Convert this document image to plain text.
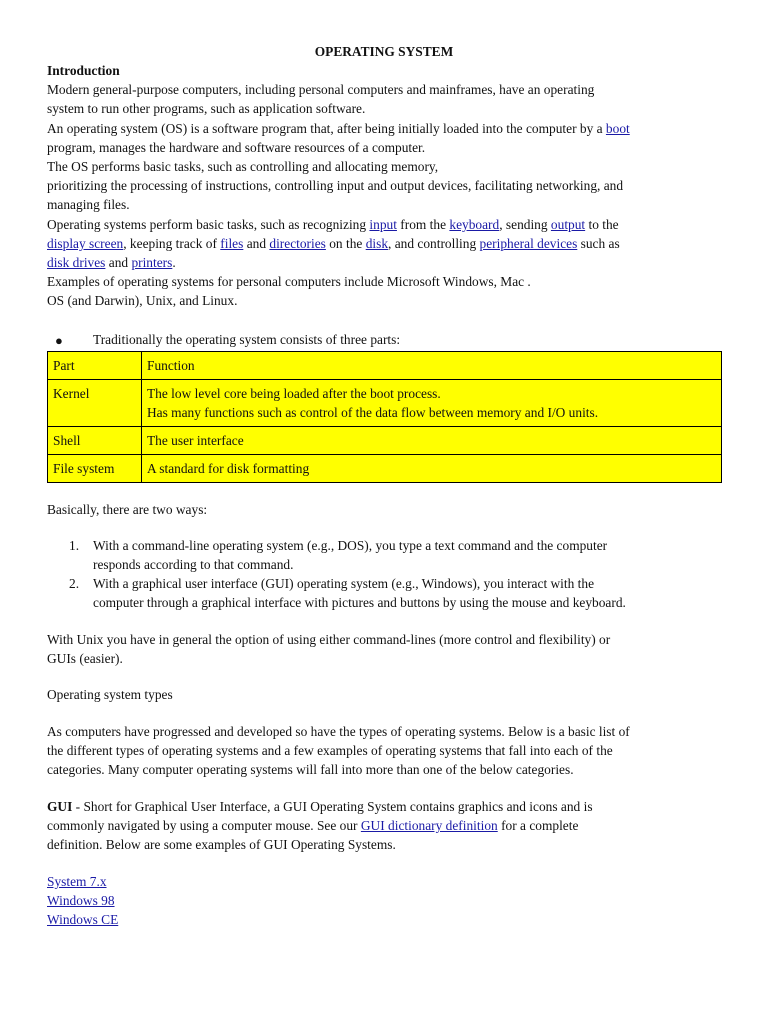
OPERATING SYSTEM

Introduction
Modern general-purpose computers, including personal computers and mainframes, have an operating
system to run other programs, such as application software.
An operating system (OS) is a software program that, after being initially loaded into the computer by a boot
program, manages the hardware and software resources of a computer.
The OS performs basic tasks, such as controlling and allocating memory,
prioritizing the processing of instructions, controlling input and output devices, facilitating networking, and
managing files.
Operating systems perform basic tasks, such as recognizing input from the keyboard, sending output to the
display screen, keeping track of files and directories on the disk, and controlling peripheral devices such as
disk drives and printers.
Examples of operating systems for personal computers include Microsoft Windows, Mac .
OS (and Darwin), Unix, and Linux.
● Traditionally the operating system consists of three parts:
Part	Function
Kernel	The low level core being loaded after the boot process.
Has many functions such as control of the data flow between memory and I/O units.

Shell	The user interface
File system	A standard for disk formatting
Basically, there are two ways:
1. With a command-line operating system (e.g., DOS), you type a text command and the computer
responds according to that command.
2. With a graphical user interface (GUI) operating system (e.g., Windows), you interact with the
computer through a graphical interface with pictures and buttons by using the mouse and keyboard.
With Unix you have in general the option of using either command-lines (more control and flexibility) or
GUIs (easier).
Operating system types
As computers have progressed and developed so have the types of operating systems. Below is a basic list of
the different types of operating systems and a few examples of operating systems that fall into each of the
categories. Many computer operating systems will fall into more than one of the below categories.
GUI - Short for Graphical User Interface, a GUI Operating System contains graphics and icons and is
commonly navigated by using a computer mouse. See our GUI dictionary definition for a complete
definition. Below are some examples of GUI Operating Systems.
System 7.x
Windows 98
Windows CE
